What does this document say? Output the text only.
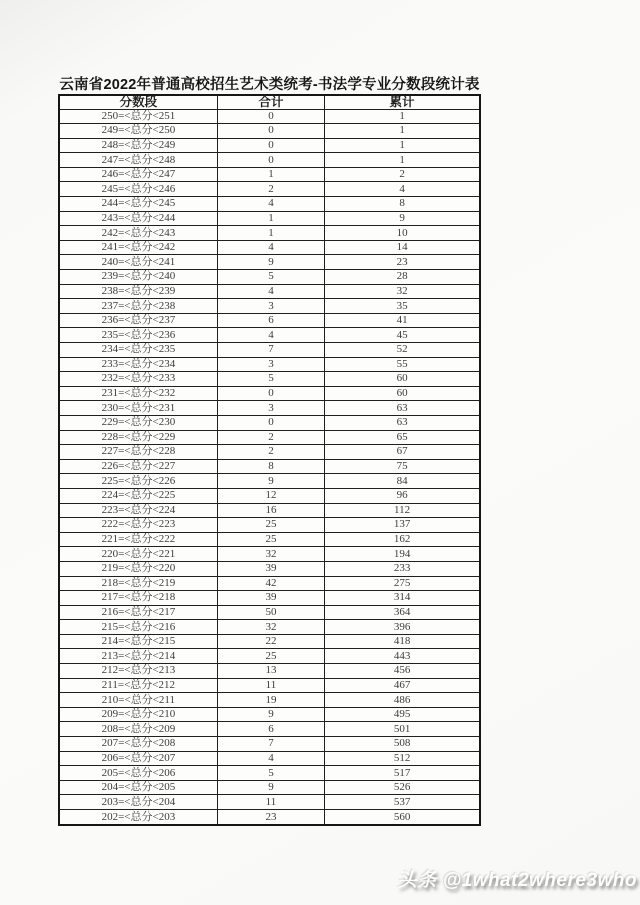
云南省2022年普通高校招生艺术类统考-书法学专业分数段统计表
分数段	合计	累计
250=<总分<251	0	1
249=<总分<250	0	1
248=<总分<249	0	1
247=<总分<248	0	1
246=<总分<247	1	2
245=<总分<246	2	4
244=<总分<245	4	8
243=<总分<244	1	9
242=<总分<243	1	10
241=<总分<242	4	14
240=<总分<241	9	23
239=<总分<240	5	28
238=<总分<239	4	32
237=<总分<238	3	35
236=<总分<237	6	41
235=<总分<236	4	45
234=<总分<235	7	52
233=<总分<234	3	55
232=<总分<233	5	60
231=<总分<232	0	60
230=<总分<231	3	63
229=<总分<230	0	63
228=<总分<229	2	65
227=<总分<228	2	67
226=<总分<227	8	75
225=<总分<226	9	84
224=<总分<225	12	96
223=<总分<224	16	112
222=<总分<223	25	137
221=<总分<222	25	162
220=<总分<221	32	194
219=<总分<220	39	233
218=<总分<219	42	275
217=<总分<218	39	314
216=<总分<217	50	364
215=<总分<216	32	396
214=<总分<215	22	418
213=<总分<214	25	443
212=<总分<213	13	456
211=<总分<212	11	467
210=<总分<211	19	486
209=<总分<210	9	495
208=<总分<209	6	501
207=<总分<208	7	508
206=<总分<207	4	512
205=<总分<206	5	517
204=<总分<205	9	526
203=<总分<204	11	537
202=<总分<203	23	560
头条 @1what2where3who
